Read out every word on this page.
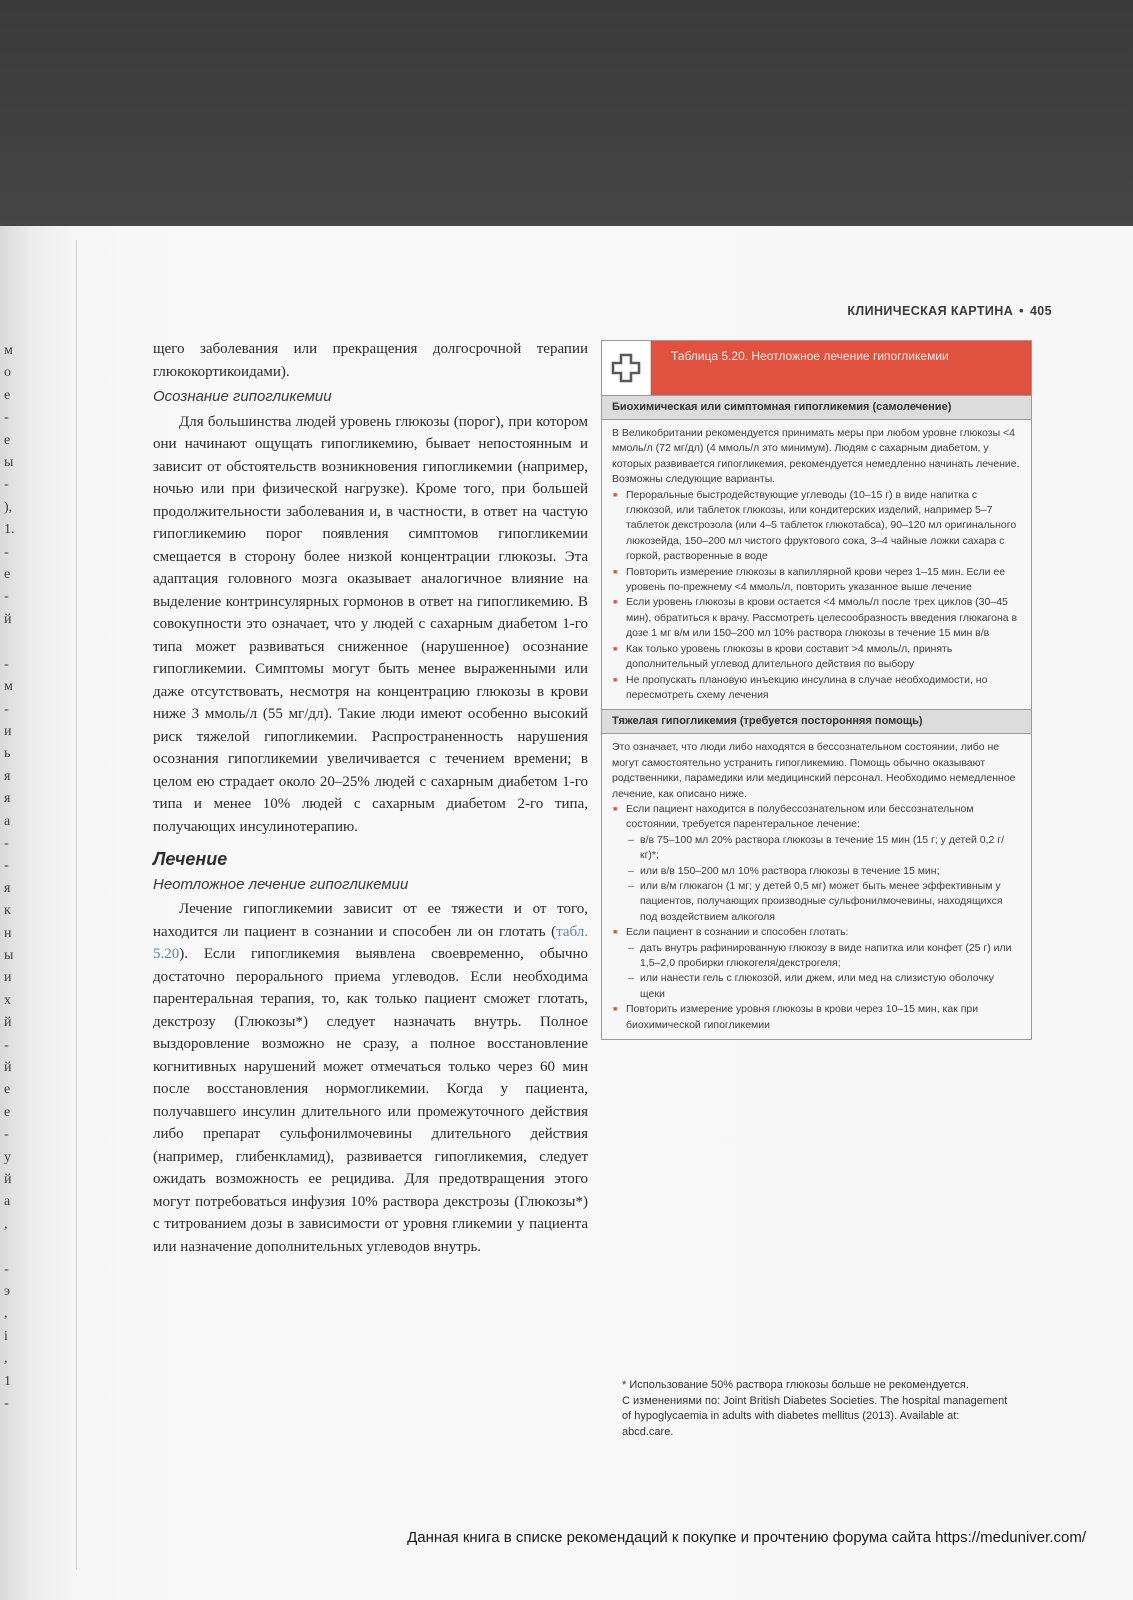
м
о
е
-
е
ы
-
),
1.
-
е
-
й

-
м
-
и
ь
я
я
а
-
-
я
к
н
ы
и
х
й
-
й
е
е
-
у
й
а
,

-
э
,
і
,
1
-
КЛИНИЧЕСКАЯ КАРТИНА • 405

щего заболевания или прекращения долгосрочной терапии глюкокортикоидами).

Осознание гипогликемии

Для большинства людей уровень глюкозы (порог), при котором они начинают ощущать гипогликемию, бывает непостоянным и зависит от обстоятельств возникновения гипогликемии (например, ночью или при физической нагрузке). Кроме того, при большей продолжительности заболевания и, в частности, в ответ на частую гипогликемию порог появления симптомов гипогликемии смещается в сторону более низкой концентрации глюкозы. Эта адаптация головного мозга оказывает аналогичное влияние на выделение контринсулярных гормонов в ответ на гипогликемию. В совокупности это означает, что у людей с сахарным диабетом 1-го типа может развиваться сниженное (нарушенное) осознание гипогликемии. Симптомы могут быть менее выраженными или даже отсутствовать, несмотря на концентрацию глюкозы в крови ниже 3 ммоль/л (55 мг/дл). Такие люди имеют особенно высокий риск тяжелой гипогликемии. Распространенность нарушения осознания гипогликемии увеличивается с течением времени; в целом ею страдает около 20–25% людей с сахарным диабетом 1-го типа и менее 10% людей с сахарным диабетом 2-го типа, получающих инсулинотерапию.

Лечение
Неотложное лечение гипогликемии

Лечение гипогликемии зависит от ее тяжести и от того, находится ли пациент в сознании и способен ли он глотать (табл. 5.20). Если гипогликемия выявлена своевременно, обычно достаточно перорального приема углеводов. Если необходима парентеральная терапия, то, как только пациент сможет глотать, декстрозу (Глюкозы*) следует назначать внутрь. Полное выздоровление возможно не сразу, а полное восстановление когнитивных нарушений может отмечаться только через 60 мин после восстановления нормогликемии. Когда у пациента, получавшего инсулин длительного или промежуточного действия либо препарат сульфонилмочевины длительного действия (например, глибенкламид), развивается гипогликемия, следует ожидать возможность ее рецидива. Для предотвращения этого могут потребоваться инфузия 10% раствора декстрозы (Глюкозы*) с титрованием дозы в зависимости от уровня гликемии у пациента или назначение дополнительных углеводов внутрь.

Таблица 5.20. Неотложное лечение гипогликемии
Биохимическая или симптомная гипогликемия (самолечение)

В Великобритании рекомендуется принимать меры при любом уровне глюкозы <4 ммоль/л (72 мг/дл) (4 ммоль/л это минимум). Людям с сахарным диабетом, у которых развивается гипогликемия, рекомендуется немедленно начинать лечение. Возможны следующие варианты.

■ Пероральные быстродействующие углеводы (10–15 г) в виде напитка с глюкозой, или таблеток глюкозы, или кондитерских изделий, например 5–7 таблеток декстрозола (или 4–5 таблеток глюкотабса), 90–120 мл оригинального люкозейда, 150–200 мл чистого фруктового сока, 3–4 чайные ложки сахара с горкой, растворенные в воде
■ Повторить измерение глюкозы в капиллярной крови через 1–15 мин. Если ее уровень по-прежнему <4 ммоль/л, повторить указанное выше лечение
■ Если уровень глюкозы в крови остается <4 ммоль/л после трех циклов (30–45 мин), обратиться к врачу. Рассмотреть целесообразность введения глюкагона в дозе 1 мг в/м или 150–200 мл 10% раствора глюкозы в течение 15 мин в/в
■ Как только уровень глюкозы в крови составит >4 ммоль/л, принять дополнительный углевод длительного действия по выбору
■ Не пропускать плановую инъекцию инсулина в случае необходимости, но пересмотреть схему лечения
Тяжелая гипогликемия (требуется посторонняя помощь)

Это означает, что люди либо находятся в бессознательном состоянии, либо не могут самостоятельно устранить гипогликемию. Помощь обычно оказывают родственники, парамедики или медицинский персонал. Необходимо немедленное лечение, как описано ниже.

■ Если пациент находится в полубессознательном или бессознательном состоянии, требуется парентеральное лечение:
– в/в 75–100 мл 20% раствора глюкозы в течение 15 мин (15 г; у детей 0,2 г/кг)*;
– или в/в 150–200 мл 10% раствора глюкозы в течение 15 мин;
– или в/м глюкагон (1 мг; у детей 0,5 мг) может быть менее эффективным у пациентов, получающих производные сульфонилмочевины, находящихся под воздействием алкоголя
■ Если пациент в сознании и способен глотать:
– дать внутрь рафинированную глюкозу в виде напитка или конфет (25 г) или 1,5–2,0 пробирки глюкогеля/декстрогеля;
– или нанести гель с глюкозой, или джем, или мед на слизистую оболочку щеки
■ Повторить измерение уровня глюкозы в крови через 10–15 мин, как при биохимической гипогликемии

* Использование 50% раствора глюкозы больше не рекомендуется.

С изменениями по: Joint British Diabetes Societies. The hospital management of hypoglycaemia in adults with diabetes mellitus (2013). Available at: abcd.care.

Данная книга в списке рекомендаций к покупке и прочтению форума сайта https://meduniver.com/
